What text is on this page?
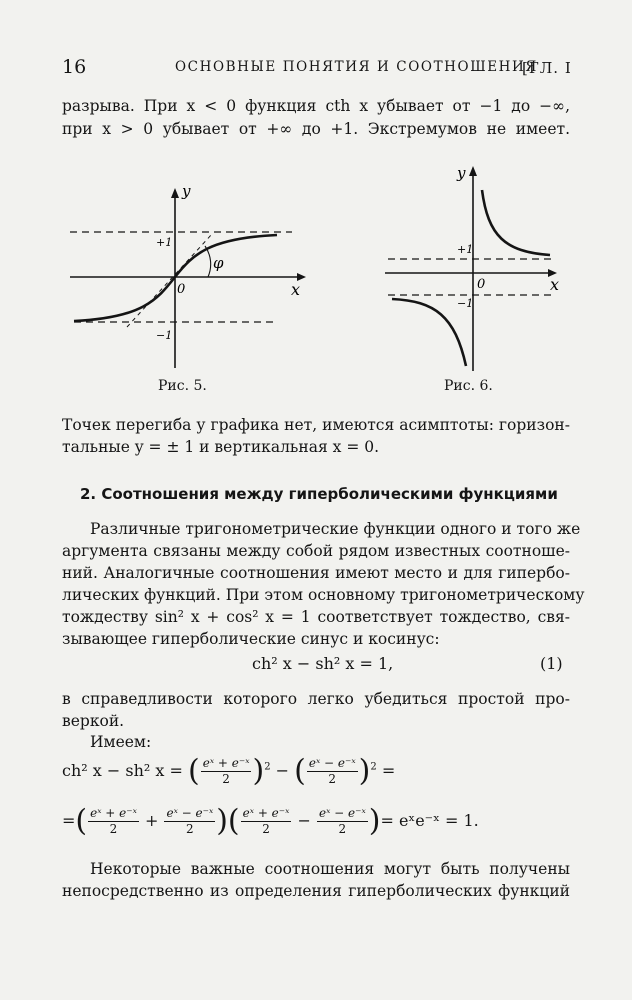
16	ОСНОВНЫЕ ПОНЯТИЯ И СООТНОШЕНИЯ
[ГЛ. I
разрыва. При x < 0 функция cth x убывает от −1 до −∞,
при x > 0 убывает от +∞ до +1. Экстремумов не имеет.
y
x
0
+1
−1
φ
Рис. 5.
y
x
0
+1
−1
Рис. 6.
Точек перегиба у графика нет, имеются асимптоты: горизон-
тальные y = ± 1 и вертикальная x = 0.
2. Соотношения между гиперболическими функциями
Различные тригонометрические функции одного и того же
аргумента связаны между собой рядом известных соотноше-
ний. Аналогичные соотношения имеют место и для гипербо-
лических функций. При этом основному тригонометрическому
тождеству sin² x + cos² x = 1 соответствует тождество, свя-
зывающее гиперболические синус и косинус:
ch² x − sh² x = 1,	(1)
в справедливости которого легко убедиться простой про-
веркой.
Имеем:
ch² x − sh² x = ( $\frac{\text{eˣ + e⁻ˣ}}{2} )^2$ − ( $\frac{\text{eˣ − e⁻ˣ}}{2} )^2$ =
=( $\frac{\text{eˣ + e⁻ˣ}}{2} + \frac{\text{eˣ − e⁻ˣ}}{2}$ )( $\frac{\text{eˣ + e⁻ˣ}}{2} - \frac{\text{eˣ − e⁻ˣ}}{2}$ )= eˣe⁻ˣ = 1.
Некоторые важные соотношения могут быть получены
непосредственно из определения гиперболических функций
